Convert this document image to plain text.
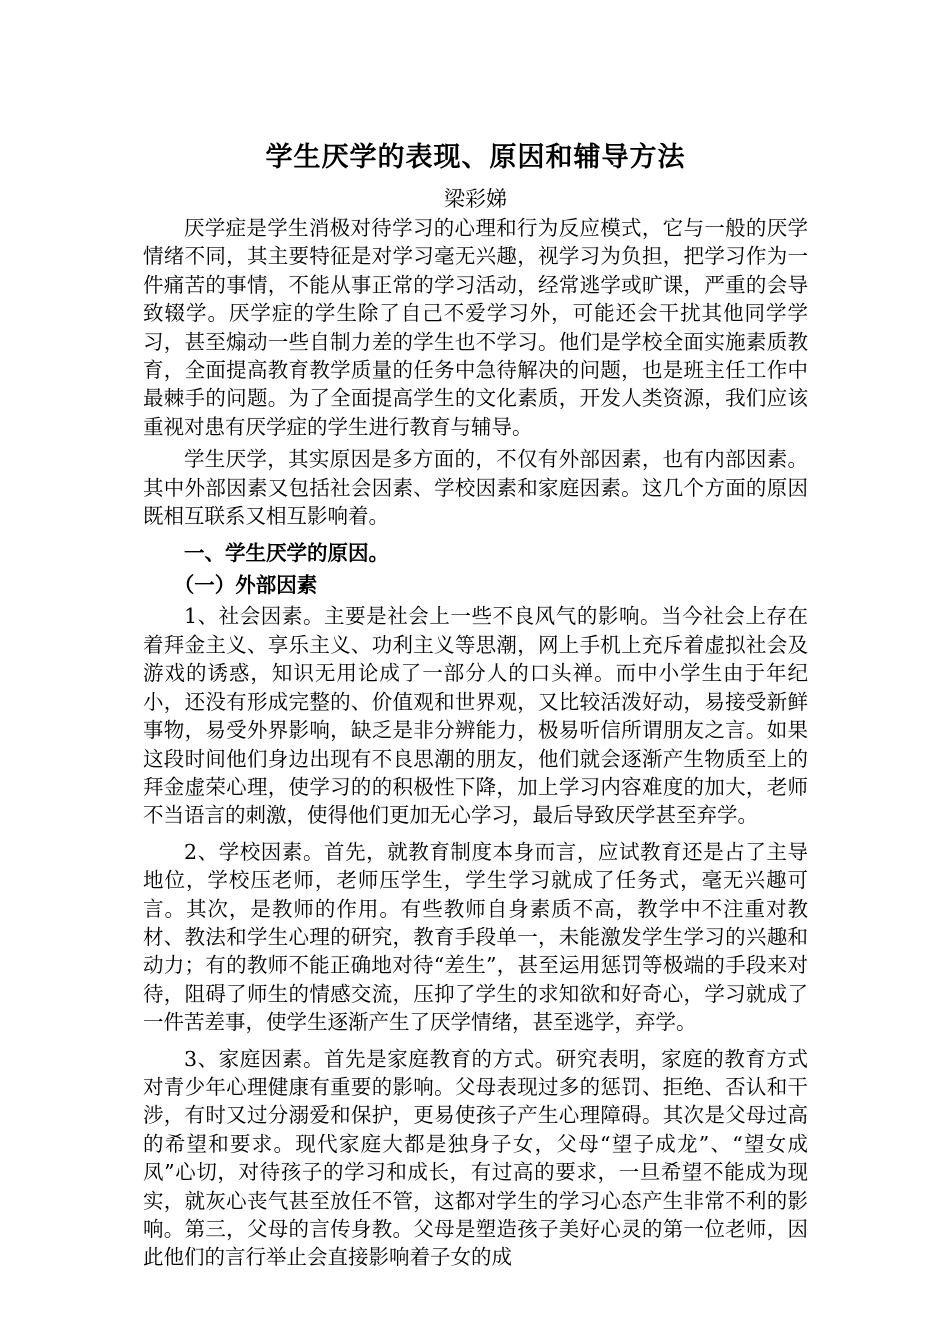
学生厌学的表现、原因和辅导方法
梁彩娣

厌学症是学生消极对待学习的心理和行为反应模式，它与一般的厌学情绪不同，其主要特征是对学习毫无兴趣，视学习为负担，把学习作为一件痛苦的事情，不能从事正常的学习活动，经常逃学或旷课，严重的会导致辍学。厌学症的学生除了自己不爱学习外，可能还会干扰其他同学学习，甚至煽动一些自制力差的学生也不学习。他们是学校全面实施素质教育，全面提高教育教学质量的任务中急待解决的问题，也是班主任工作中最棘手的问题。为了全面提高学生的文化素质，开发人类资源，我们应该重视对患有厌学症的学生进行教育与辅导。

学生厌学，其实原因是多方面的，不仅有外部因素，也有内部因素。其中外部因素又包括社会因素、学校因素和家庭因素。这几个方面的原因既相互联系又相互影响着。

一、学生厌学的原因。
（一）外部因素

1、社会因素。主要是社会上一些不良风气的影响。当今社会上存在着拜金主义、享乐主义、功利主义等思潮，网上手机上充斥着虚拟社会及游戏的诱惑，知识无用论成了一部分人的口头禅。而中小学生由于年纪小，还没有形成完整的、价值观和世界观，又比较活泼好动，易接受新鲜事物，易受外界影响，缺乏是非分辨能力，极易听信所谓朋友之言。如果这段时间他们身边出现有不良思潮的朋友，他们就会逐渐产生物质至上的拜金虚荣心理，使学习的的积极性下降，加上学习内容难度的加大，老师不当语言的刺激，使得他们更加无心学习，最后导致厌学甚至弃学。

2、学校因素。首先，就教育制度本身而言，应试教育还是占了主导地位，学校压老师，老师压学生，学生学习就成了任务式，毫无兴趣可言。其次，是教师的作用。有些教师自身素质不高，教学中不注重对教材、教法和学生心理的研究，教育手段单一，未能激发学生学习的兴趣和动力；有的教师不能正确地对待“差生”，甚至运用惩罚等极端的手段来对待，阻碍了师生的情感交流，压抑了学生的求知欲和好奇心，学习就成了一件苦差事，使学生逐渐产生了厌学情绪，甚至逃学，弃学。

3、家庭因素。首先是家庭教育的方式。研究表明，家庭的教育方式对青少年心理健康有重要的影响。父母表现过多的惩罚、拒绝、否认和干涉，有时又过分溺爱和保护，更易使孩子产生心理障碍。其次是父母过高的希望和要求。现代家庭大都是独身子女，父母“望子成龙”、“望女成凤”心切，对待孩子的学习和成长，有过高的要求，一旦希望不能成为现实，就灰心丧气甚至放任不管，这都对学生的学习心态产生非常不利的影响。第三，父母的言传身教。父母是塑造孩子美好心灵的第一位老师，因此他们的言行举止会直接影响着子女的成
